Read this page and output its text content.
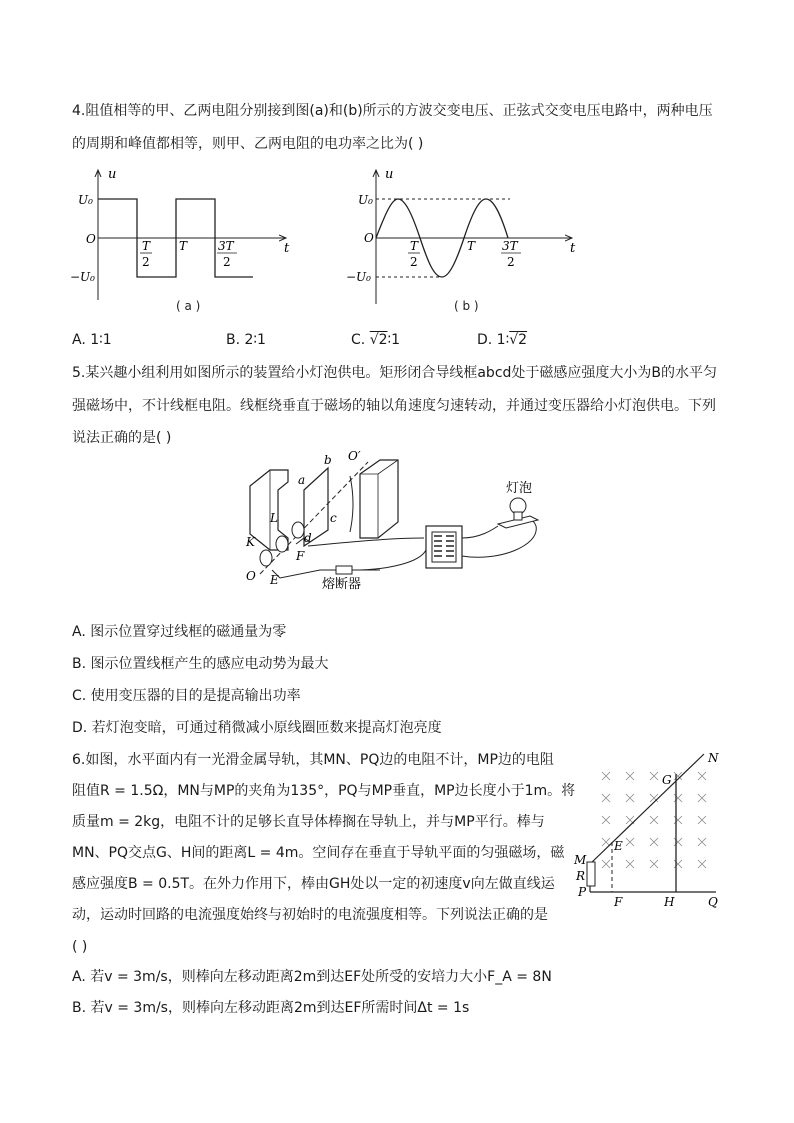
4.阻值相等的甲、乙两电阻分别接到图(a)和(b)所示的方波交变电压、正弦式交变电压电路中，两种电压
的周期和峰值都相等，则甲、乙两电阻的电功率之比为( )
u
t
U₀
O
−U₀
T
2
T	3T
2
( a )
u
t
U₀
O
−U₀
T
2
T 3T
2
( b )
A. 1∶1	B. 2∶1	C. √2∶1	D. 1∶√2
5.某兴趣小组利用如图所示的装置给小灯泡供电。矩形闭合导线框abcd处于磁感应强度大小为B的水平匀
强磁场中，不计线框电阻。线框绕垂直于磁场的轴以角速度匀速转动，并通过变压器给小灯泡供电。下列
说法正确的是( )
a
b
c
d
L
K
F
O E
O′
灯泡
熔断器
A. 图示位置穿过线框的磁通量为零
B. 图示位置线框产生的感应电动势为最大
C. 使用变压器的目的是提高输出功率
D. 若灯泡变暗，可通过稍微减小原线圈匝数来提高灯泡亮度
6.如图，水平面内有一光滑金属导轨，其MN、PQ边的电阻不计，MP边的电阻
阻值R = 1.5Ω，MN与MP的夹角为135°，PQ与MP垂直，MP边长度小于1m。将
质量m = 2kg，电阻不计的足够长直导体棒搁在导轨上，并与MP平行。棒与
MN、PQ交点G、H间的距离L = 4m。空间存在垂直于导轨平面的匀强磁场，磁
感应强度B = 0.5T。在外力作用下，棒由GH处以一定的初速度v向左做直线运
动，运动时回路的电流强度始终与初始时的电流强度相等。下列说法正确的是
( )
N
G
E
M
R
P
F	H	Q
A. 若v = 3m/s，则棒向左移动距离2m到达EF处所受的安培力大小F_A = 8N
B. 若v = 3m/s，则棒向左移动距离2m到达EF所需时间Δt = 1s
